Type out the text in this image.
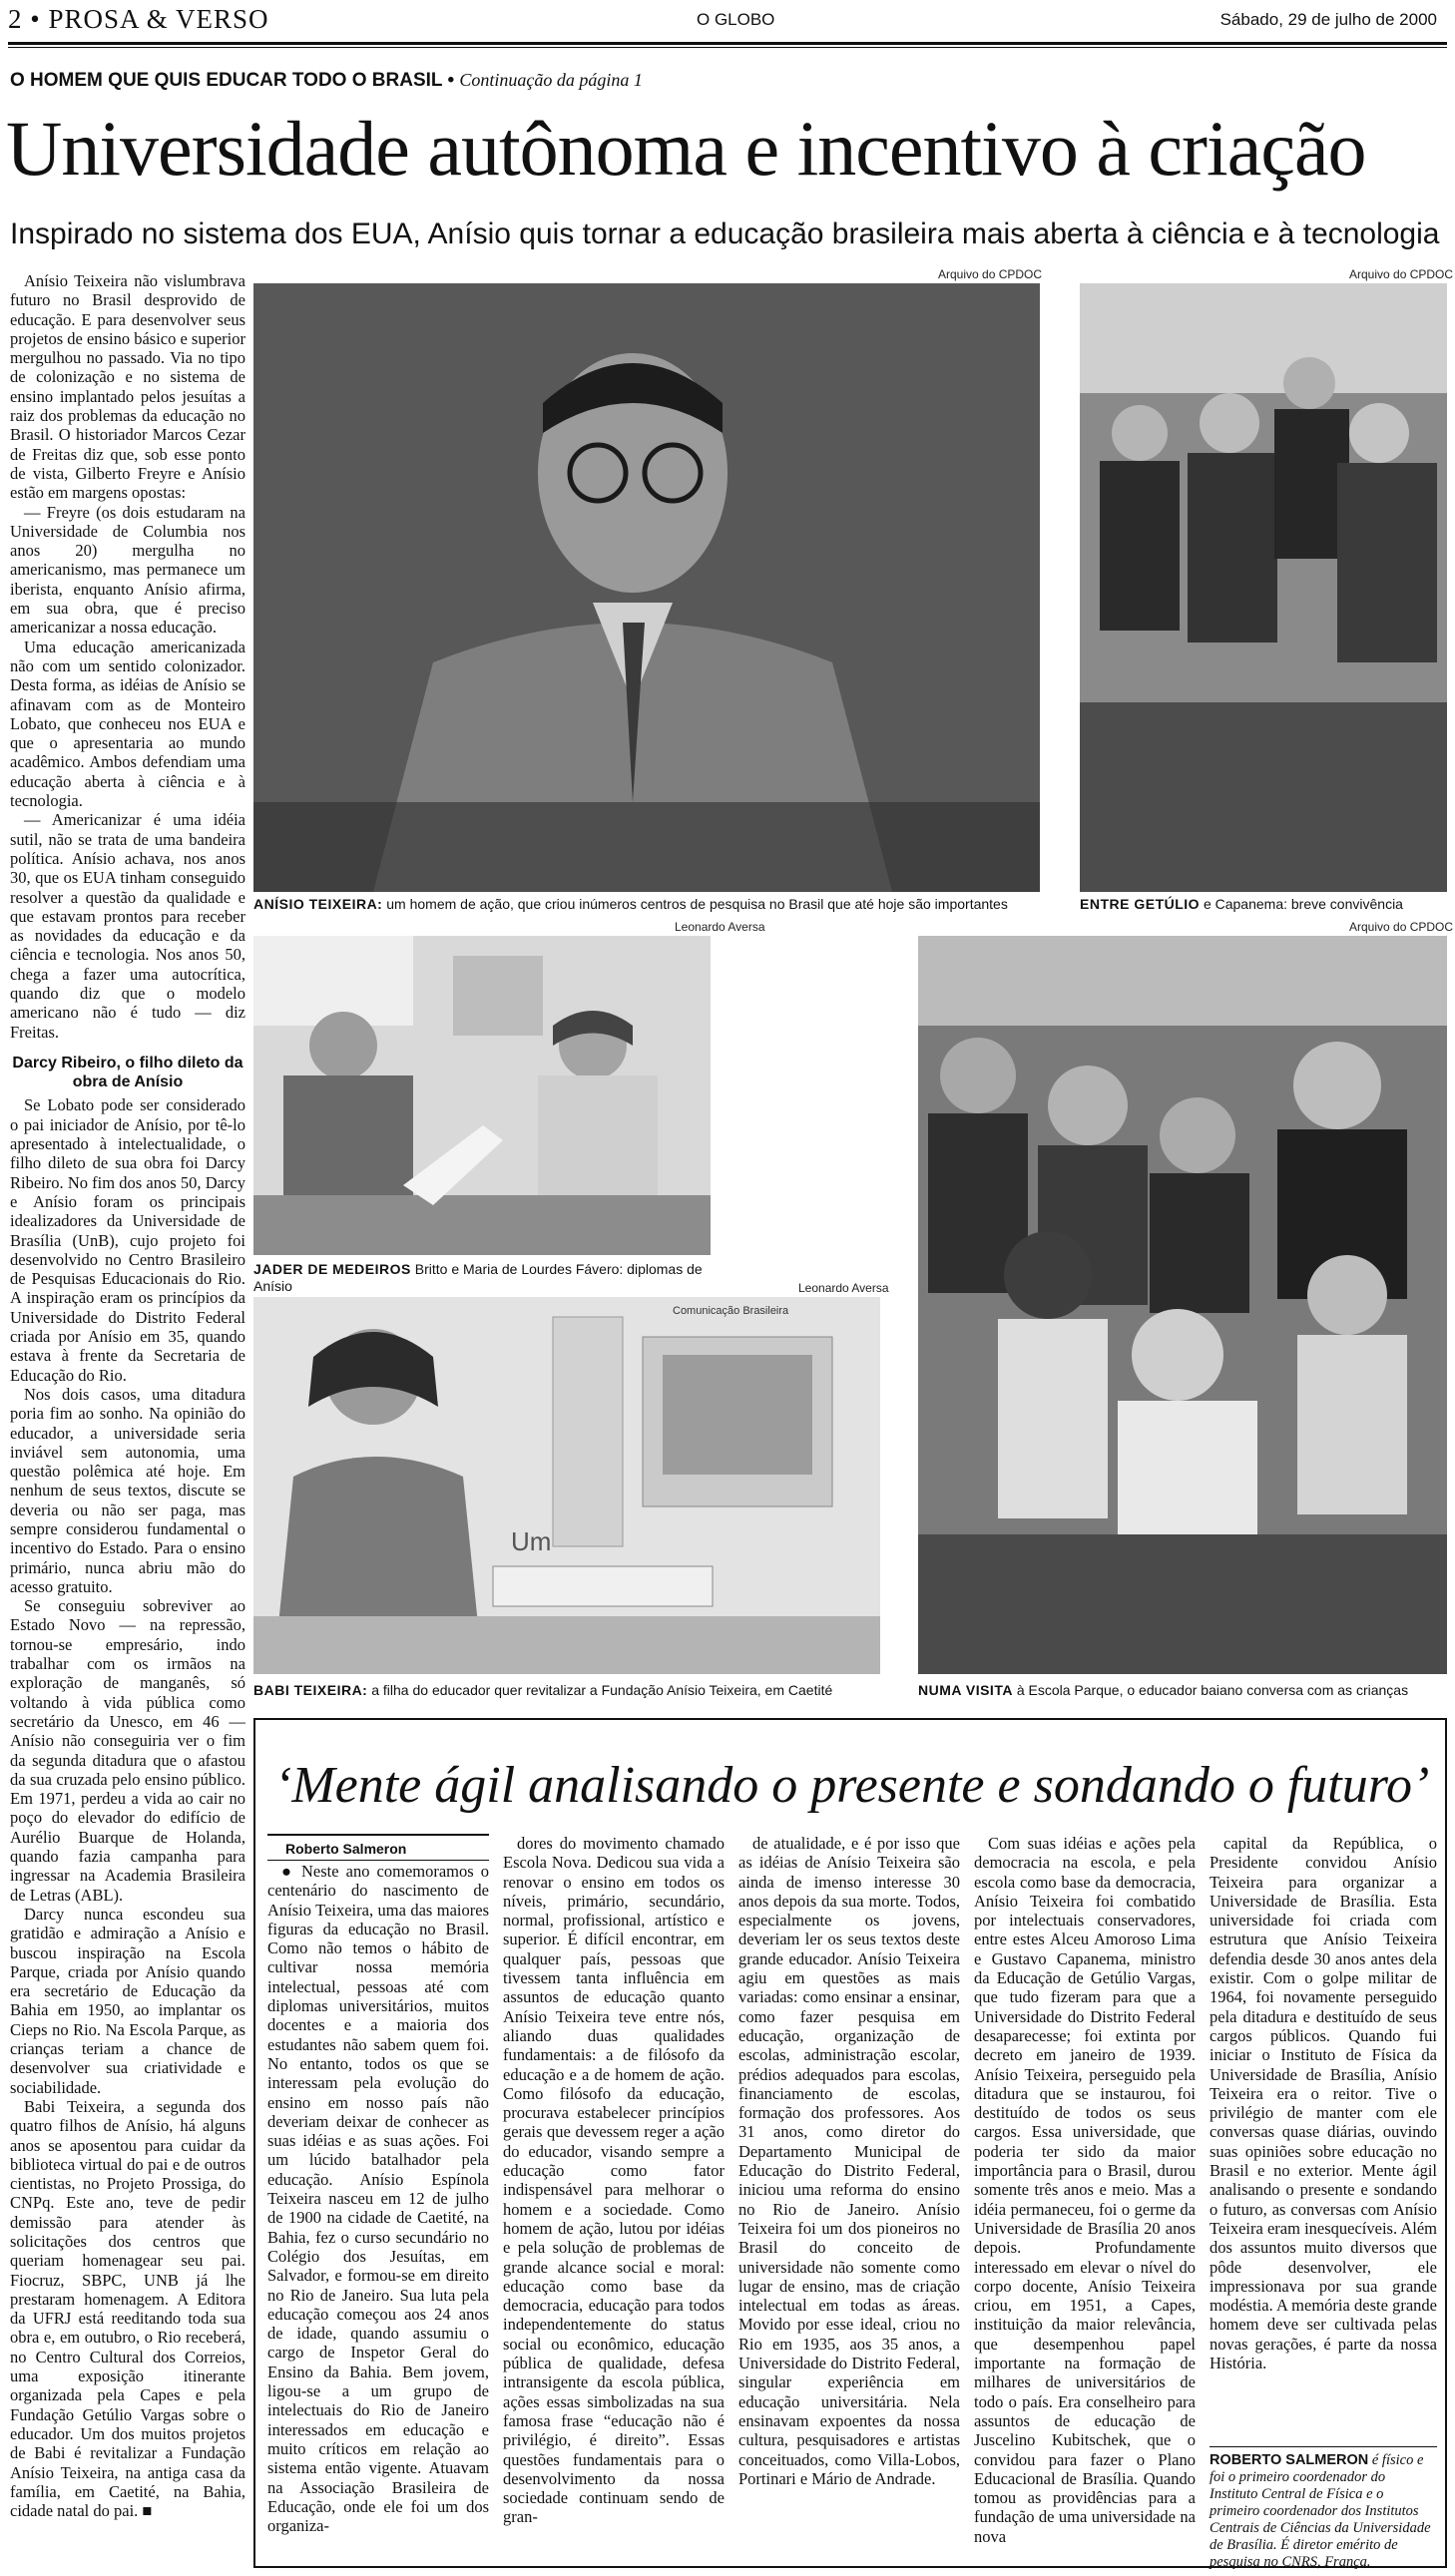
2 • PROSA & VERSO	O GLOBO	Sábado, 29 de julho de 2000
O HOMEM QUE QUIS EDUCAR TODO O BRASIL • Continuação da página 1
Universidade autônoma e incentivo à criação
Inspirado no sistema dos EUA, Anísio quis tornar a educação brasileira mais aberta à ciência e à tecnologia

Anísio Teixeira não vislumbrava futuro no Brasil desprovido de educação. E para desenvolver seus projetos de ensino básico e superior mergulhou no passado. Via no tipo de colonização e no sistema de ensino implantado pelos jesuítas a raiz dos problemas da educação no Brasil. O historiador Marcos Cezar de Freitas diz que, sob esse ponto de vista, Gilberto Freyre e Anísio estão em margens opostas:

— Freyre (os dois estudaram na Universidade de Columbia nos anos 20) mergulha no americanismo, mas permanece um iberista, enquanto Anísio afirma, em sua obra, que é preciso americanizar a nossa educação.

Uma educação americanizada não com um sentido colonizador. Desta forma, as idéias de Anísio se afinavam com as de Monteiro Lobato, que conheceu nos EUA e que o apresentaria ao mundo acadêmico. Ambos defendiam uma educação aberta à ciência e à tecnologia.

— Americanizar é uma idéia sutil, não se trata de uma bandeira política. Anísio achava, nos anos 30, que os EUA tinham conseguido resolver a questão da qualidade e que estavam prontos para receber as novidades da educação e da ciência e tecnologia. Nos anos 50, chega a fazer uma autocrítica, quando diz que o modelo americano não é tudo — diz Freitas.

Darcy Ribeiro, o filho dileto da obra de Anísio

Se Lobato pode ser considerado o pai iniciador de Anísio, por tê-lo apresentado à intelectualidade, o filho dileto de sua obra foi Darcy Ribeiro. No fim dos anos 50, Darcy e Anísio foram os principais idealizadores da Universidade de Brasília (UnB), cujo projeto foi desenvolvido no Centro Brasileiro de Pesquisas Educacionais do Rio. A inspiração eram os princípios da Universidade do Distrito Federal criada por Anísio em 35, quando estava à frente da Secretaria de Educação do Rio.

Nos dois casos, uma ditadura poria fim ao sonho. Na opinião do educador, a universidade seria inviável sem autonomia, uma questão polêmica até hoje. Em nenhum de seus textos, discute se deveria ou não ser paga, mas sempre considerou fundamental o incentivo do Estado. Para o ensino primário, nunca abriu mão do acesso gratuito.

Se conseguiu sobreviver ao Estado Novo — na repressão, tornou-se empresário, indo trabalhar com os irmãos na exploração de manganês, só voltando à vida pública como secretário da Unesco, em 46 — Anísio não conseguiria ver o fim da segunda ditadura que o afastou da sua cruzada pelo ensino público. Em 1971, perdeu a vida ao cair no poço do elevador do edifício de Aurélio Buarque de Holanda, quando fazia campanha para ingressar na Academia Brasileira de Letras (ABL).

Darcy nunca escondeu sua gratidão e admiração a Anísio e buscou inspiração na Escola Parque, criada por Anísio quando era secretário de Educação da Bahia em 1950, ao implantar os Cieps no Rio. Na Escola Parque, as crianças teriam a chance de desenvolver sua criatividade e sociabilidade.

Babi Teixeira, a segunda dos quatro filhos de Anísio, há alguns anos se aposentou para cuidar da biblioteca virtual do pai e de outros cientistas, no Projeto Prossiga, do CNPq. Este ano, teve de pedir demissão para atender às solicitações dos centros que queriam homenagear seu pai. Fiocruz, SBPC, UNB já lhe prestaram homenagem. A Editora da UFRJ está reeditando toda sua obra e, em outubro, o Rio receberá, no Centro Cultural dos Correios, uma exposição itinerante organizada pela Capes e pela Fundação Getúlio Vargas sobre o educador. Um dos muitos projetos de Babi é revitalizar a Fundação Anísio Teixeira, na antiga casa da família, em Caetité, na Bahia, cidade natal do pai. ■

Arquivo do CPDOC
ANÍSIO TEIXEIRA: um homem de ação, que criou inúmeros centros de pesquisa no Brasil que até hoje são importantes
Arquivo do CPDOC
ENTRE GETÚLIO e Capanema: breve convivência
Leonardo Aversa
JADER DE MEDEIROS Britto e Maria de Lourdes Fávero: diplomas de Anísio	Leonardo Aversa
Comunicação Brasileira
Um
BABI TEIXEIRA: a filha do educador quer revitalizar a Fundação Anísio Teixeira, em Caetité
Arquivo do CPDOC
NUMA VISITA à Escola Parque, o educador baiano conversa com as crianças
‘Mente ágil analisando o presente e sondando o futuro’
Roberto Salmeron

● Neste ano comemoramos o centenário do nascimento de Anísio Teixeira, uma das maiores figuras da educação no Brasil. Como não temos o hábito de cultivar nossa memória intelectual, pessoas até com diplomas universitários, muitos docentes e a maioria dos estudantes não sabem quem foi. No entanto, todos os que se interessam pela evolução do ensino em nosso país não deveriam deixar de conhecer as suas idéias e as suas ações. Foi um lúcido batalhador pela educação. Anísio Espínola Teixeira nasceu em 12 de julho de 1900 na cidade de Caetité, na Bahia, fez o curso secundário no Colégio dos Jesuítas, em Salvador, e formou-se em direito no Rio de Janeiro. Sua luta pela educação começou aos 24 anos de idade, quando assumiu o cargo de Inspetor Geral do Ensino da Bahia. Bem jovem, ligou-se a um grupo de intelectuais do Rio de Janeiro interessados em educação e muito críticos em relação ao sistema então vigente. Atuavam na Associação Brasileira de Educação, onde ele foi um dos organiza-

dores do movimento chamado Escola Nova. Dedicou sua vida a renovar o ensino em todos os níveis, primário, secundário, normal, profissional, artístico e superior. É difícil encontrar, em qualquer país, pessoas que tivessem tanta influência em assuntos de educação quanto Anísio Teixeira teve entre nós, aliando duas qualidades fundamentais: a de filósofo da educação e a de homem de ação. Como filósofo da educação, procurava estabelecer princípios gerais que devessem reger a ação do educador, visando sempre a educação como fator indispensável para melhorar o homem e a sociedade. Como homem de ação, lutou por idéias e pela solução de problemas de grande alcance social e moral: educação como base da democracia, educação para todos independentemente do status social ou econômico, educação pública de qualidade, defesa intransigente da escola pública, ações essas simbolizadas na sua famosa frase “educação não é privilégio, é direito”. Essas questões fundamentais para o desenvolvimento da nossa sociedade continuam sendo de gran-

de atualidade, e é por isso que as idéias de Anísio Teixeira são ainda de imenso interesse 30 anos depois da sua morte. Todos, especialmente os jovens, deveriam ler os seus textos deste grande educador. Anísio Teixeira agiu em questões as mais variadas: como ensinar a ensinar, como fazer pesquisa em educação, organização de escolas, administração escolar, prédios adequados para escolas, financiamento de escolas, formação dos professores. Aos 31 anos, como diretor do Departamento Municipal de Educação do Distrito Federal, iniciou uma reforma do ensino no Rio de Janeiro. Anísio Teixeira foi um dos pioneiros no Brasil do conceito de universidade não somente como lugar de ensino, mas de criação intelectual em todas as áreas. Movido por esse ideal, criou no Rio em 1935, aos 35 anos, a Universidade do Distrito Federal, singular experiência em educação universitária. Nela ensinavam expoentes da nossa cultura, pesquisadores e artistas conceituados, como Villa-Lobos, Portinari e Mário de Andrade.

Com suas idéias e ações pela democracia na escola, e pela escola como base da democracia, Anísio Teixeira foi combatido por intelectuais conservadores, entre estes Alceu Amoroso Lima e Gustavo Capanema, ministro da Educação de Getúlio Vargas, que tudo fizeram para que a Universidade do Distrito Federal desaparecesse; foi extinta por decreto em janeiro de 1939. Anísio Teixeira, perseguido pela ditadura que se instaurou, foi destituído de todos os seus cargos. Essa universidade, que poderia ter sido da maior importância para o Brasil, durou somente três anos e meio. Mas a idéia permaneceu, foi o germe da Universidade de Brasília 20 anos depois. Profundamente interessado em elevar o nível do corpo docente, Anísio Teixeira criou, em 1951, a Capes, instituição da maior relevância, que desempenhou papel importante na formação de milhares de universitários de todo o país. Era conselheiro para assuntos de educação de Juscelino Kubitschek, que o convidou para fazer o Plano Educacional de Brasília. Quando tomou as providências para a fundação de uma universidade na nova

capital da República, o Presidente convidou Anísio Teixeira para organizar a Universidade de Brasília. Esta universidade foi criada com estrutura que Anísio Teixeira defendia desde 30 anos antes dela existir. Com o golpe militar de 1964, foi novamente perseguido pela ditadura e destituído de seus cargos públicos. Quando fui iniciar o Instituto de Física da Universidade de Brasília, Anísio Teixeira era o reitor. Tive o privilégio de manter com ele conversas quase diárias, ouvindo suas opiniões sobre educação no Brasil e no exterior. Mente ágil analisando o presente e sondando o futuro, as conversas com Anísio Teixeira eram inesquecíveis. Além dos assuntos muito diversos que pôde desenvolver, ele impressionava por sua grande modéstia. A memória deste grande homem deve ser cultivada pelas novas gerações, é parte da nossa História.

ROBERTO SALMERON é físico e foi o primeiro coordenador do Instituto Central de Física e o primeiro coordenador dos Institutos Centrais de Ciências da Universidade de Brasília. É diretor emérito de pesquisa no CNRS, França.
